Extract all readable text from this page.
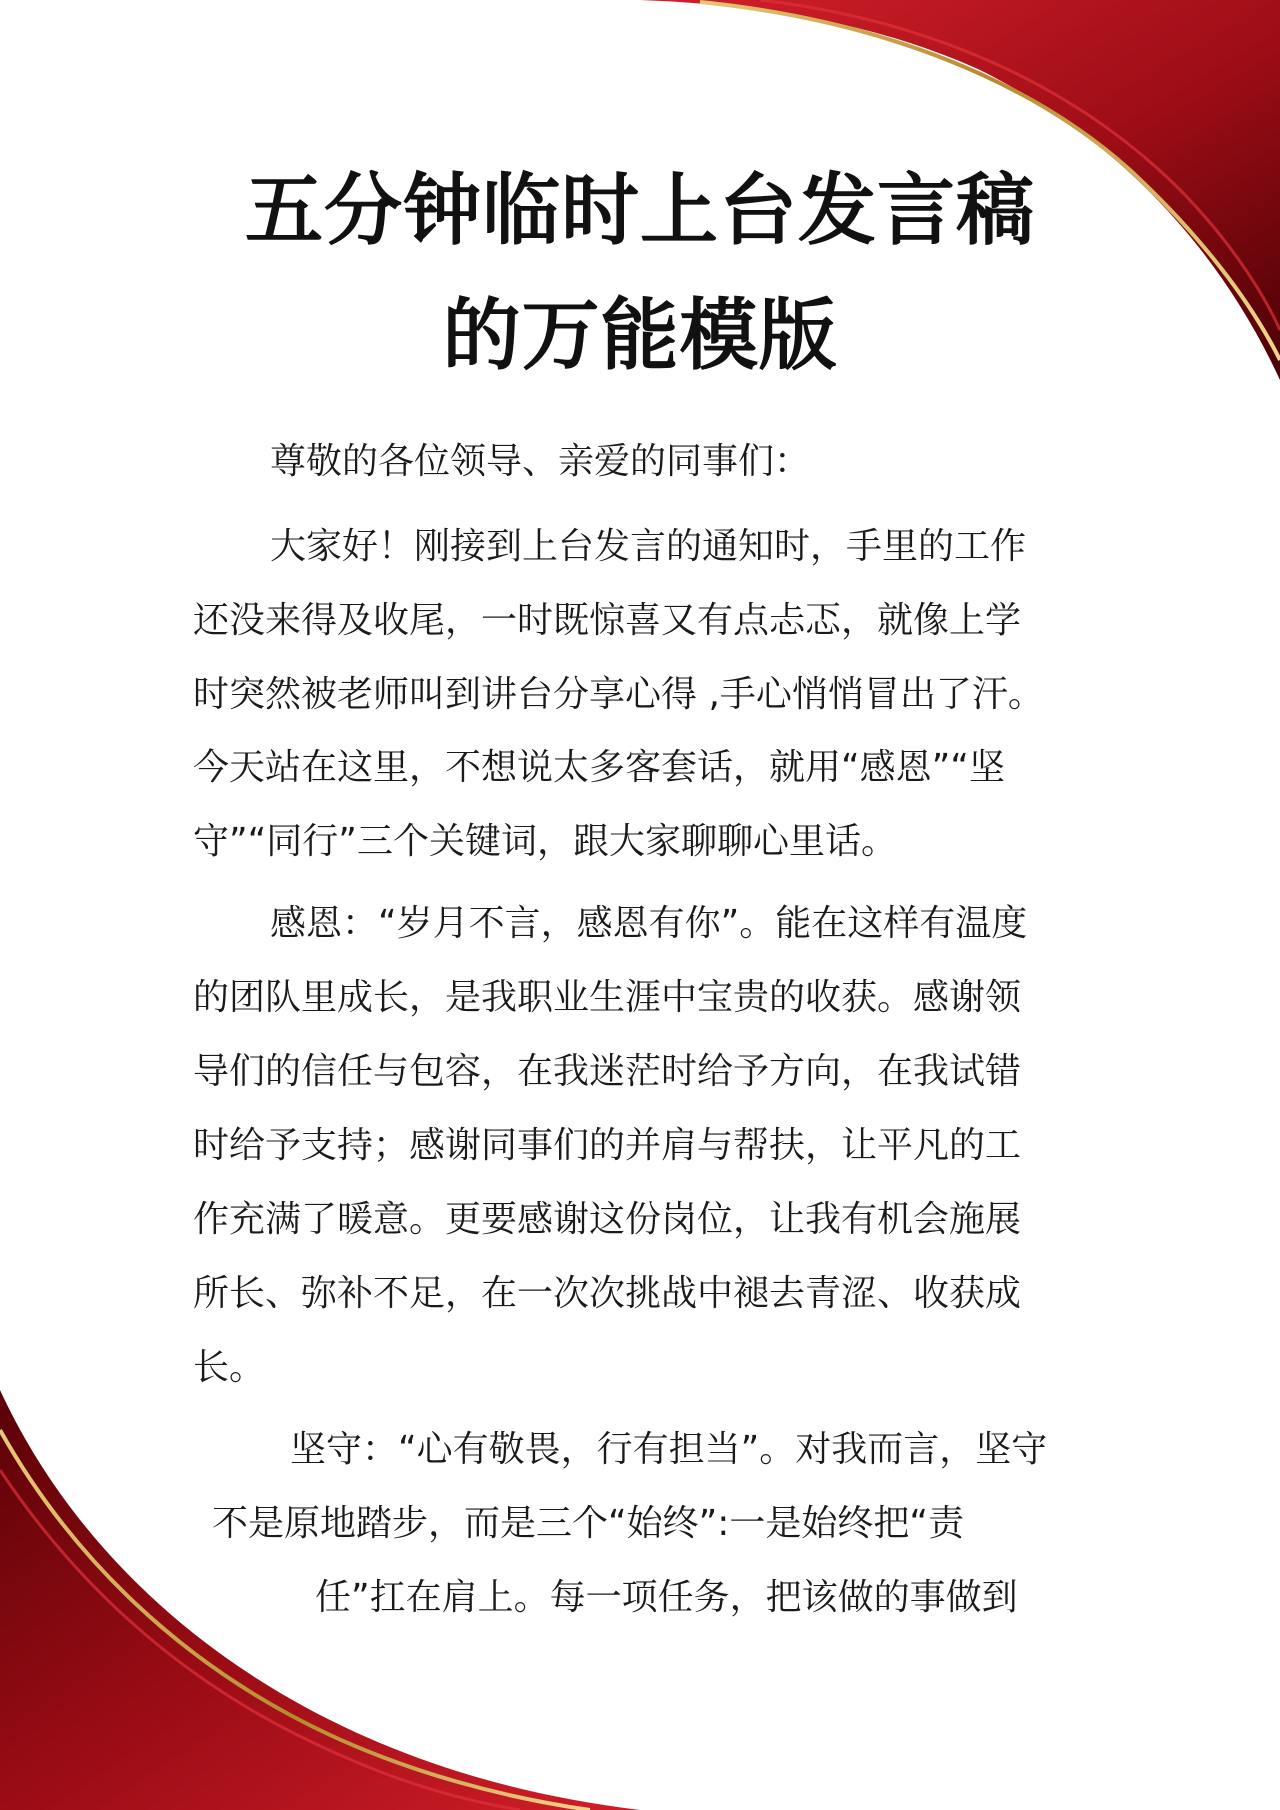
五分钟临时上台发言稿
的万能模版

尊敬的各位领导、亲爱的同事们：

大家好！刚接到上台发言的通知时，手里的工作

还没来得及收尾，一时既惊喜又有点忐忑，就像上学

时突然被老师叫到讲台分享心得 ,手心悄悄冒出了汗。

今天站在这里，不想说太多客套话，就用“感恩”“坚

守”“同行”三个关键词，跟大家聊聊心里话。

感恩：“岁月不言，感恩有你”。能在这样有温度

的团队里成长，是我职业生涯中宝贵的收获。感谢领

导们的信任与包容，在我迷茫时给予方向，在我试错

时给予支持；感谢同事们的并肩与帮扶，让平凡的工

作充满了暖意。更要感谢这份岗位，让我有机会施展

所长、弥补不足，在一次次挑战中褪去青涩、收获成

长。

坚守：“心有敬畏，行有担当”。对我而言，坚守

不是原地踏步，而是三个“始终”:一是始终把“责

任”扛在肩上。每一项任务，把该做的事做到
